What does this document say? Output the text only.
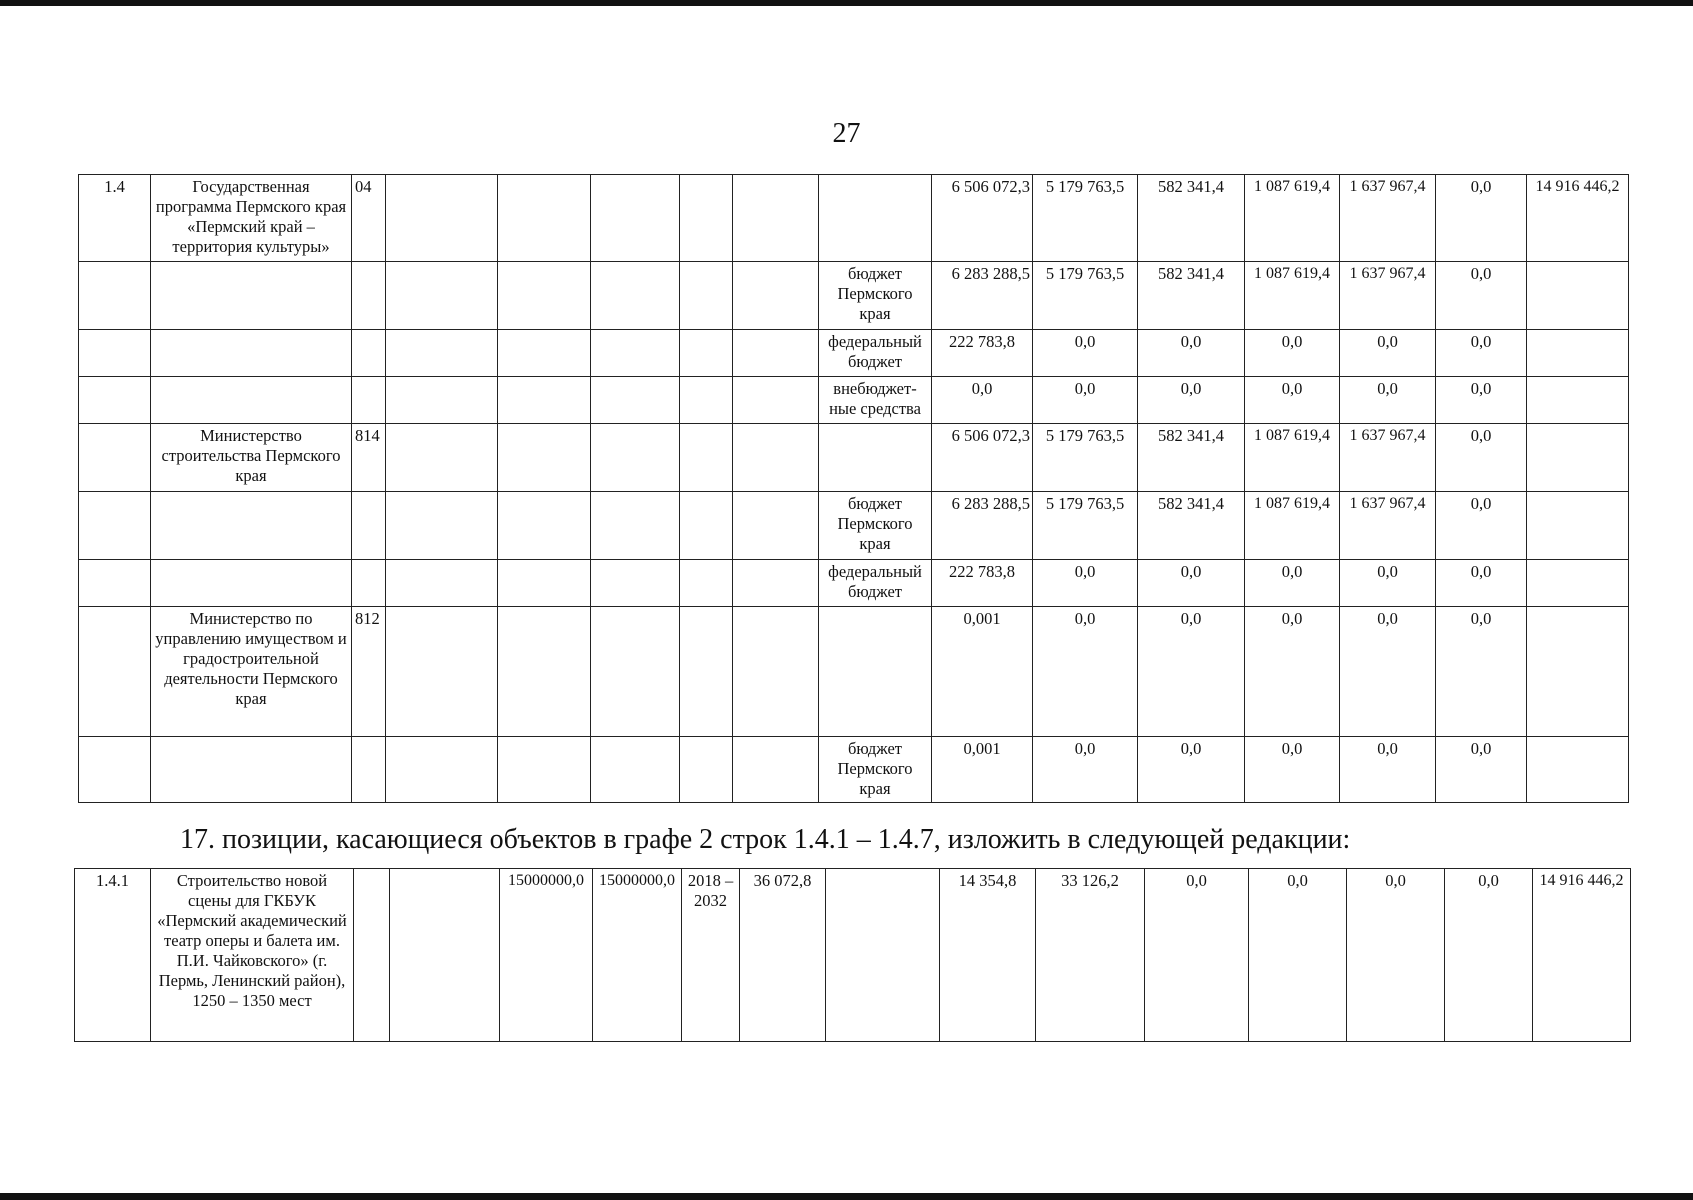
27
1.4	Государственная программа Пермского края «Пермский край – территория культуры»	04							6 506 072,3	5 179 763,5	582 341,4	1 087 619,4	1 637 967,4	0,0	14 916 446,2
								бюджет Пермского края	6 283 288,5	5 179 763,5	582 341,4	1 087 619,4	1 637 967,4	0,0	
								федеральный бюджет	222 783,8	0,0	0,0	0,0	0,0	0,0	
								внебюджет-ные средства	0,0	0,0	0,0	0,0	0,0	0,0	
	Министерство строительства Пермского края	814							6 506 072,3	5 179 763,5	582 341,4	1 087 619,4	1 637 967,4	0,0	
								бюджет Пермского края	6 283 288,5	5 179 763,5	582 341,4	1 087 619,4	1 637 967,4	0,0	
								федеральный бюджет	222 783,8	0,0	0,0	0,0	0,0	0,0	
	Министерство по управлению имуществом и градостроительной деятельности Пермского края	812							0,001	0,0	0,0	0,0	0,0	0,0	
								бюджет Пермского края	0,001	0,0	0,0	0,0	0,0	0,0	
17. позиции, касающиеся объектов в графе 2 строк 1.4.1 – 1.4.7, изложить в следующей редакции:
1.4.1	Строительство новой сцены для ГКБУК «Пермский академический театр оперы и балета им. П.И. Чайковского» (г. Пермь, Ленинский район), 1250 – 1350 мест			15000000,0	15000000,0	2018 – 2032	36 072,8		14 354,8	33 126,2	0,0	0,0	0,0	0,0	14 916 446,2
